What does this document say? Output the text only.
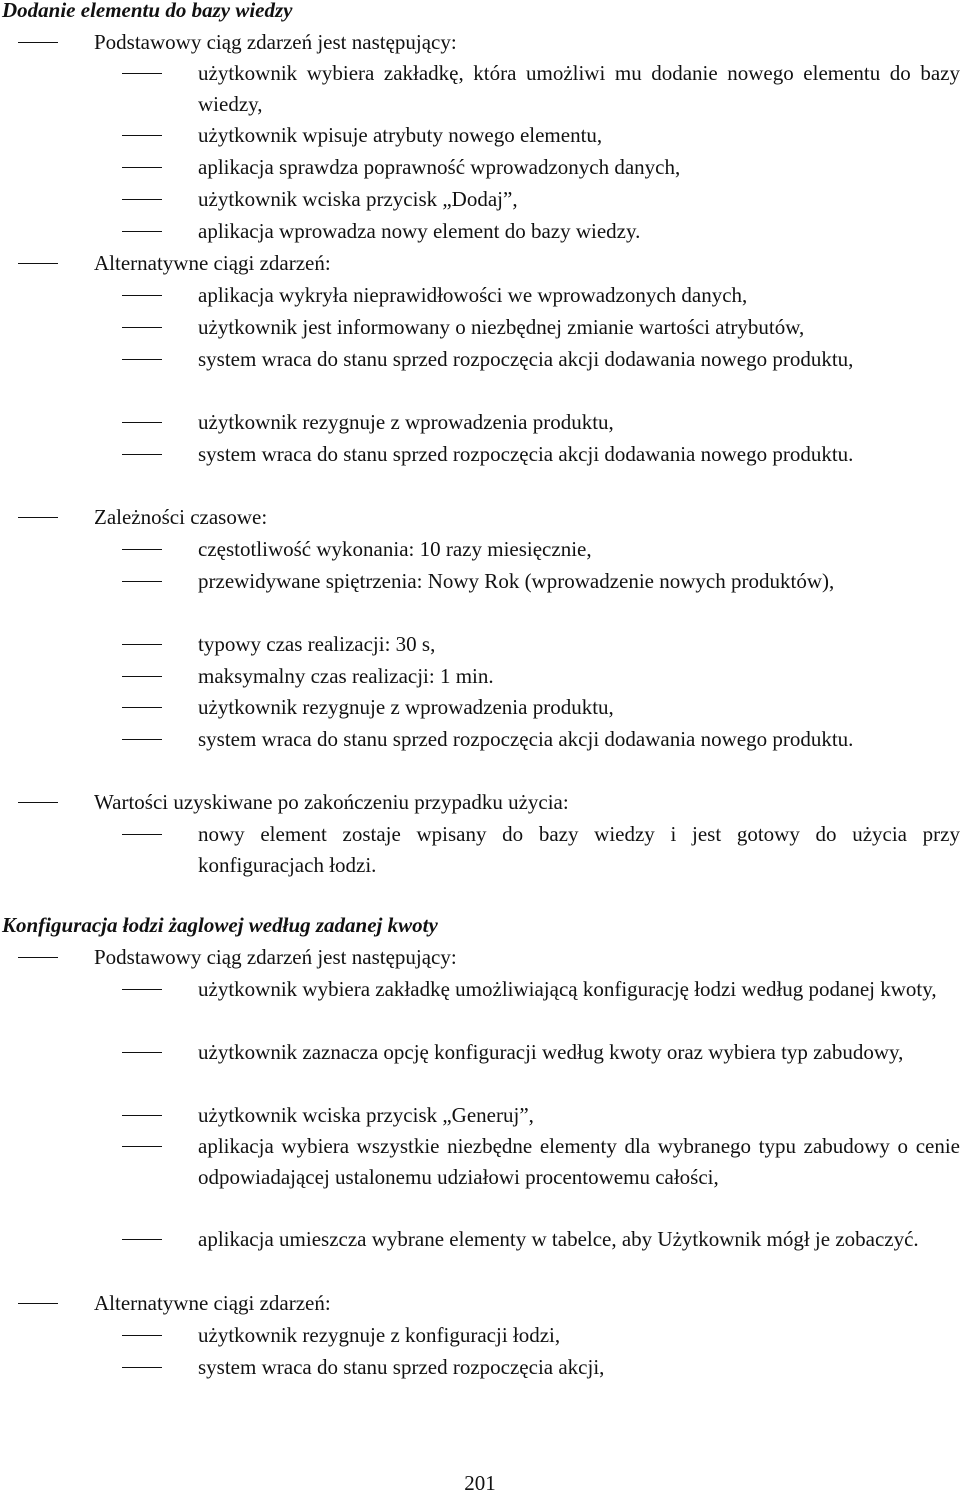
Dodanie elementu do bazy wiedzy
Podstawowy ciąg zdarzeń jest następujący:
użytkownik wybiera zakładkę, która umożliwi mu dodanie nowego elementu do bazy wiedzy,
użytkownik wpisuje atrybuty nowego elementu,
aplikacja sprawdza poprawność wprowadzonych danych,
użytkownik wciska przycisk „Dodaj”,
aplikacja wprowadza nowy element do bazy wiedzy.
Alternatywne ciągi zdarzeń:
aplikacja wykryła nieprawidłowości we wprowadzonych danych,
użytkownik jest informowany o niezbędnej zmianie wartości atrybutów,
system wraca do stanu sprzed rozpoczęcia akcji dodawania nowego produktu,
użytkownik rezygnuje z wprowadzenia produktu,
system wraca do stanu sprzed rozpoczęcia akcji dodawania nowego produktu.
Zależności czasowe:
częstotliwość wykonania: 10 razy miesięcznie,
przewidywane spiętrzenia: Nowy Rok (wprowadzenie nowych produktów),
typowy czas realizacji: 30 s,
maksymalny czas realizacji: 1 min.
użytkownik rezygnuje z wprowadzenia produktu,
system wraca do stanu sprzed rozpoczęcia akcji dodawania nowego produktu.
Wartości uzyskiwane po zakończeniu przypadku użycia:
nowy element zostaje wpisany do bazy wiedzy i jest gotowy do użycia przy konfiguracjach łodzi.
Konfiguracja łodzi żaglowej według zadanej kwoty
Podstawowy ciąg zdarzeń jest następujący:
użytkownik wybiera zakładkę umożliwiającą konfigurację łodzi według podanej kwoty,
użytkownik zaznacza opcję konfiguracji według kwoty oraz wybiera typ zabudowy,
użytkownik wciska przycisk „Generuj”,
aplikacja wybiera wszystkie niezbędne elementy dla wybranego typu zabudowy o cenie odpowiadającej ustalonemu udziałowi procentowemu całości,
aplikacja umieszcza wybrane elementy w tabelce, aby Użytkownik mógł je zobaczyć.
Alternatywne ciągi zdarzeń:
użytkownik rezygnuje z konfiguracji łodzi,
system wraca do stanu sprzed rozpoczęcia akcji,
201
